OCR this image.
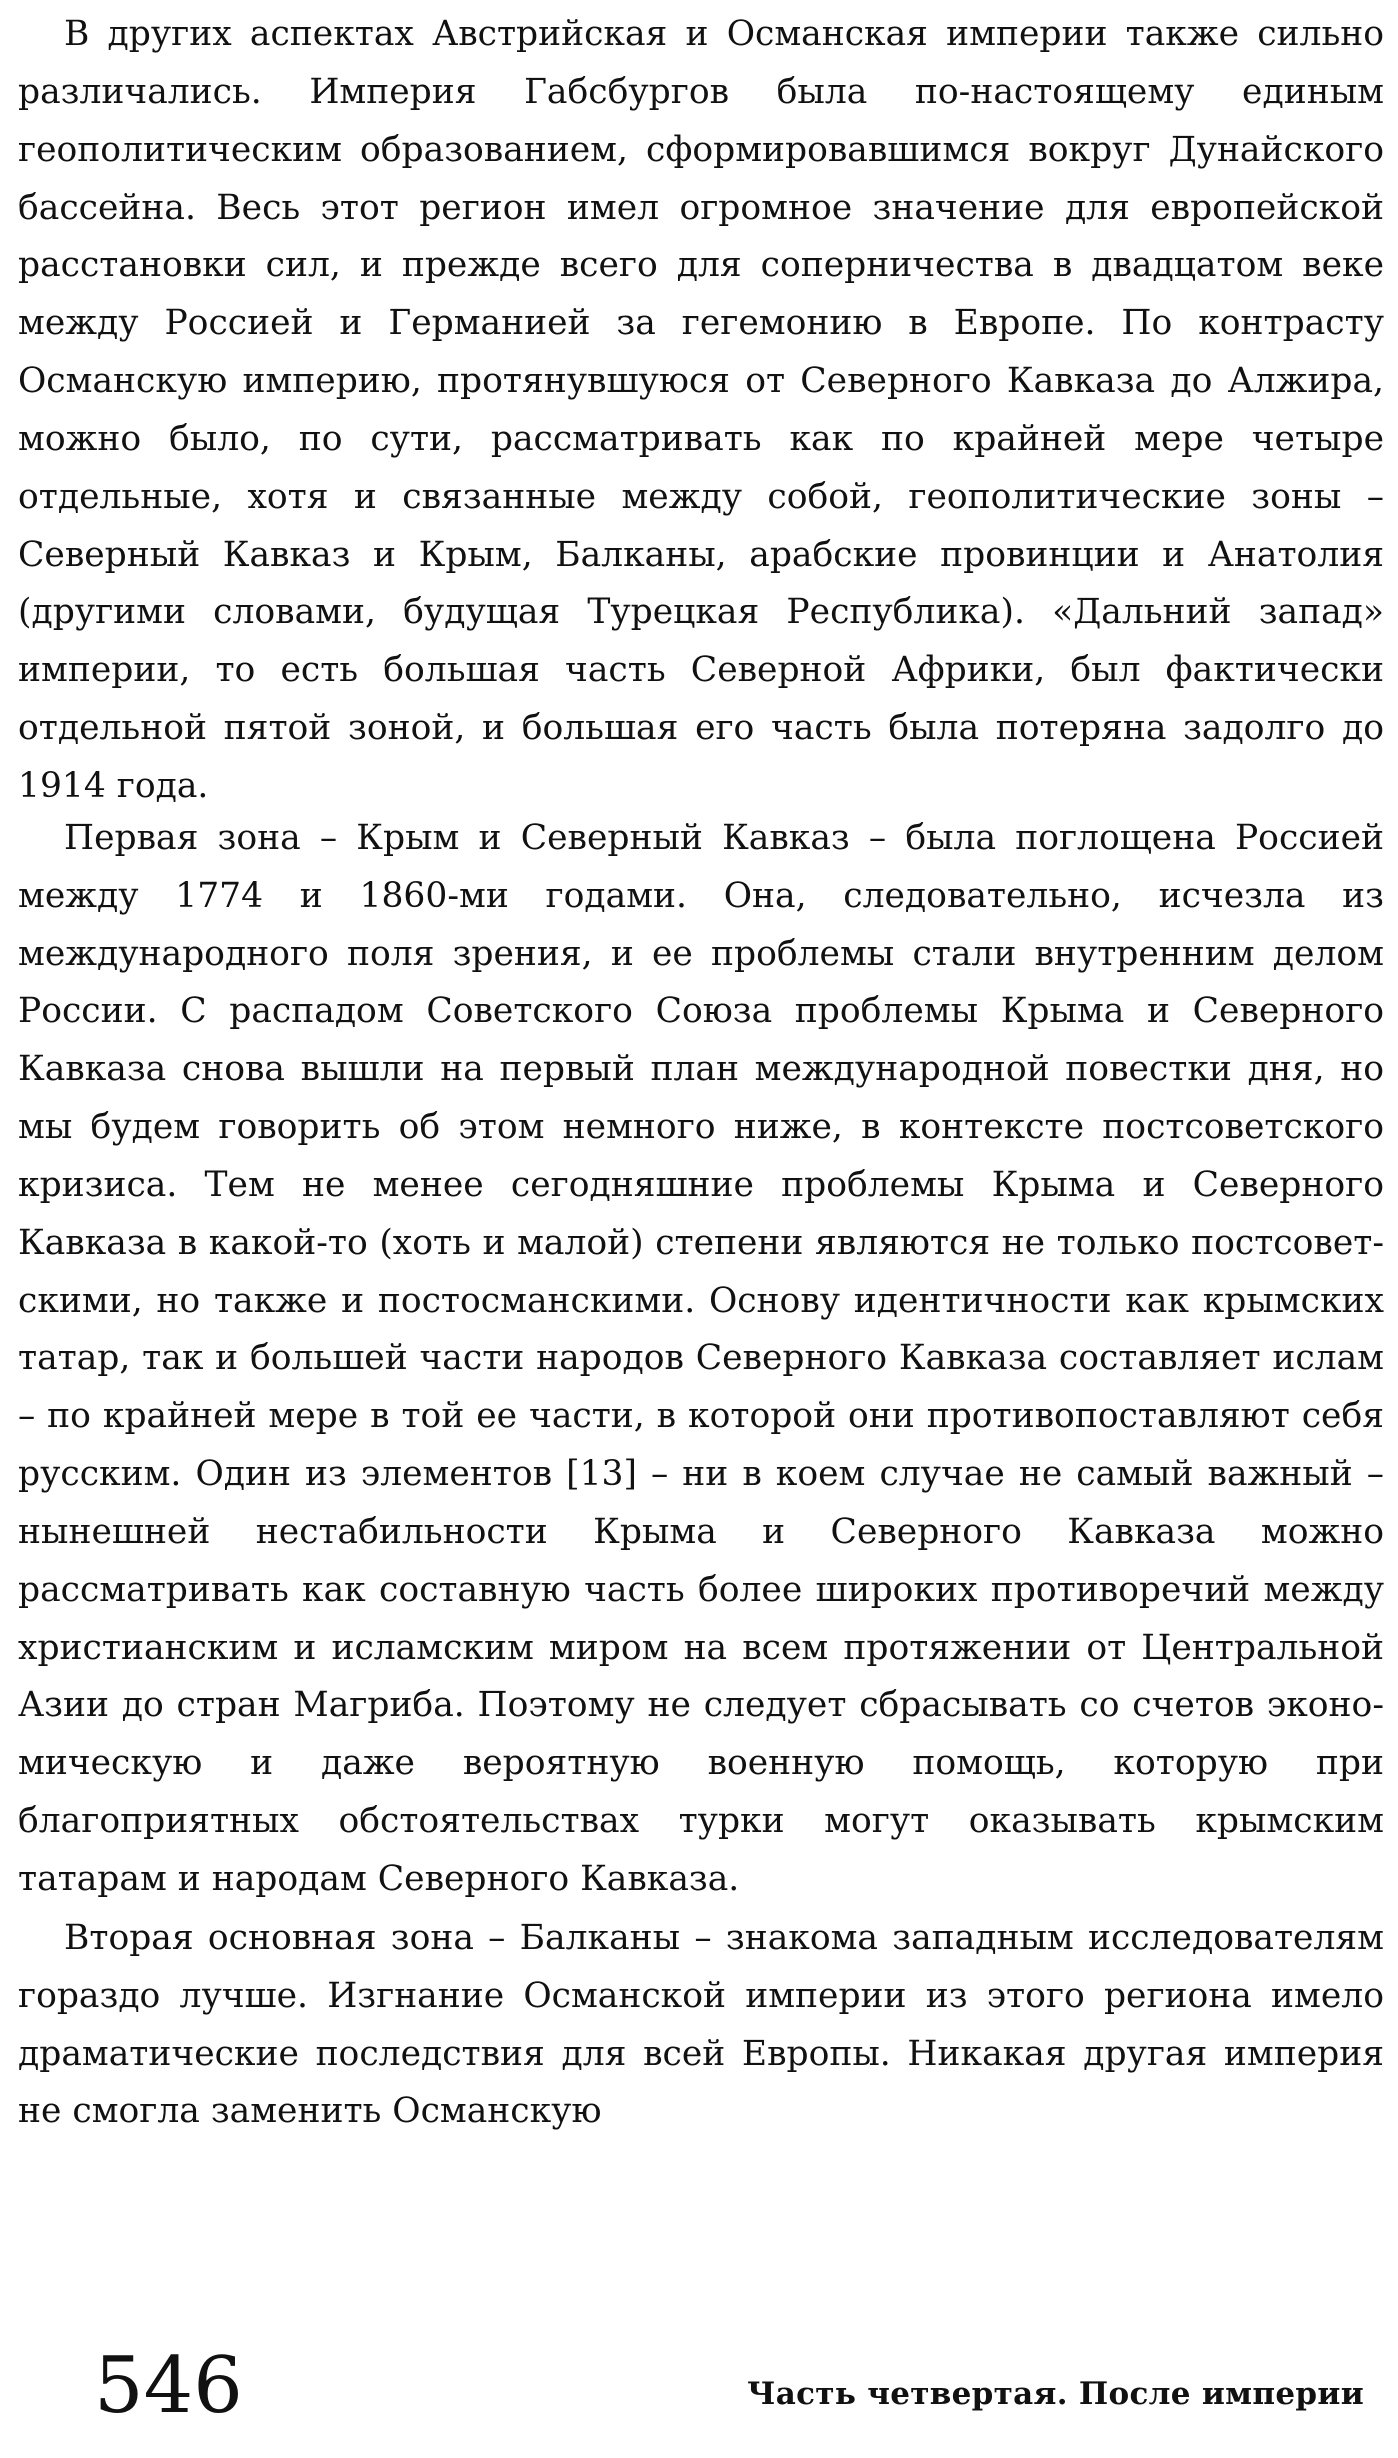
В других аспектах Австрийская и Османская империи также сильно различались. Империя Габсбургов была по-настоящему единым геополитическим образованием, сформировавшимся вокруг Дунайского бассейна. Весь этот регион имел огромное значение для европейской расстановки сил, и прежде всего для соперничества в двадцатом веке между Россией и Германией за гегемонию в Европе. По контрасту Османскую империю, протянувшуюся от Северного Кавказа до Алжира, можно было, по сути, рассматривать как по крайней мере четыре отдельные, хотя и связанные между собой, геополитические зоны – Северный Кавказ и Крым, Балканы, арабские провинции и Анатолия (другими словами, будущая Турецкая Республика). «Дальний запад» империи, то есть большая часть Северной Африки, был фактически отдельной пятой зоной, и большая его часть была потеряна задолго до 1914 года.

Первая зона – Крым и Северный Кавказ – была поглощена Россией между 1774 и 1860-ми годами. Она, следовательно, исчезла из международного поля зрения, и ее проблемы стали внутренним делом России. С распадом Советского Союза проблемы Крыма и Северного Кавказа снова вышли на первый план международной повестки дня, но мы будем говорить об этом немного ниже, в контексте постсоветского кризиса. Тем не менее сегодняшние проблемы Крыма и Северного Кавказа в какой-то (хоть и малой) степени являются не только постсоветскими, но также и постосманскими. Основу идентичности как крымских татар, так и большей части народов Северного Кавказа составляет ислам – по крайней мере в той ее части, в которой они противопоставляют себя русским. Один из элементов [13] – ни в коем случае не самый важный – нынешней нестабильности Крыма и Северного Кавказа можно рассматривать как составную часть более широких противоречий между христианским и исламским миром на всем протяжении от Центральной Азии до стран Магриба. Поэтому не следует сбрасывать со счетов экономическую и даже вероятную военную помощь, которую при благоприятных обстоятельствах турки могут оказывать крымским татарам и народам Северного Кавказа.

Вторая основная зона – Балканы – знакома западным исследователям гораздо лучше. Изгнание Османской империи из этого региона имело драматические последствия для всей Европы. Никакая другая империя не смогла заменить Османскую

546	Часть четвертая. После империи
